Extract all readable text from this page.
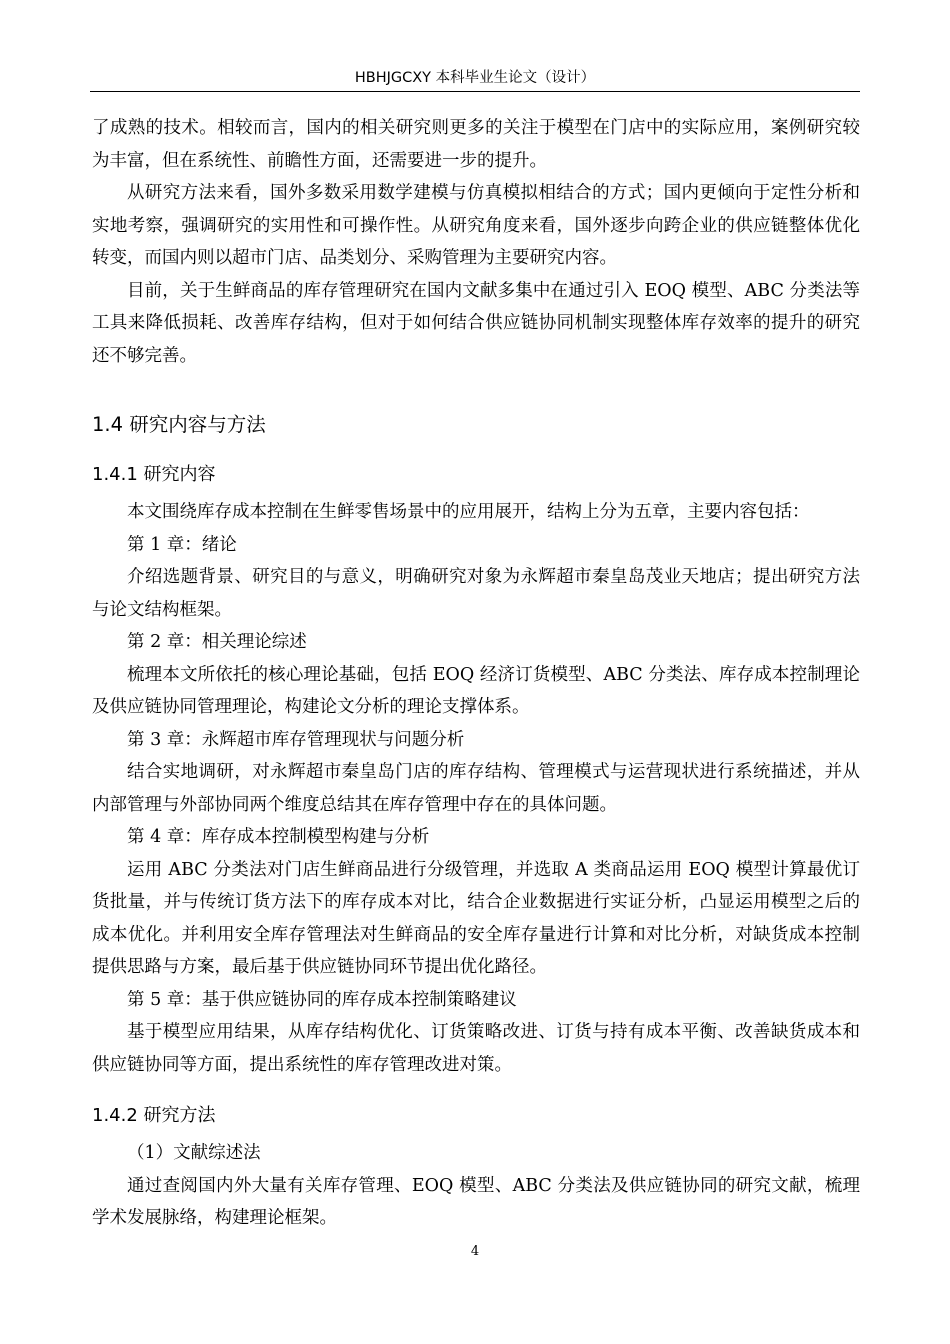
HBHJGCXY 本科毕业生论文（设计）

了成熟的技术。相较而言，国内的相关研究则更多的关注于模型在门店中的实际应用，案例研究较为丰富，但在系统性、前瞻性方面，还需要进一步的提升。

从研究方法来看，国外多数采用数学建模与仿真模拟相结合的方式；国内更倾向于定性分析和实地考察，强调研究的实用性和可操作性。从研究角度来看，国外逐步向跨企业的供应链整体优化转变，而国内则以超市门店、品类划分、采购管理为主要研究内容。

目前，关于生鲜商品的库存管理研究在国内文献多集中在通过引入 EOQ 模型、ABC 分类法等工具来降低损耗、改善库存结构，但对于如何结合供应链协同机制实现整体库存效率的提升的研究还不够完善。

1.4 研究内容与方法
1.4.1 研究内容

本文围绕库存成本控制在生鲜零售场景中的应用展开，结构上分为五章，主要内容包括：

第 1 章：绪论

介绍选题背景、研究目的与意义，明确研究对象为永辉超市秦皇岛茂业天地店；提出研究方法与论文结构框架。

第 2 章：相关理论综述

梳理本文所依托的核心理论基础，包括 EOQ 经济订货模型、ABC 分类法、库存成本控制理论及供应链协同管理理论，构建论文分析的理论支撑体系。

第 3 章：永辉超市库存管理现状与问题分析

结合实地调研，对永辉超市秦皇岛门店的库存结构、管理模式与运营现状进行系统描述，并从内部管理与外部协同两个维度总结其在库存管理中存在的具体问题。

第 4 章：库存成本控制模型构建与分析

运用 ABC 分类法对门店生鲜商品进行分级管理，并选取 A 类商品运用 EOQ 模型计算最优订货批量，并与传统订货方法下的库存成本对比，结合企业数据进行实证分析，凸显运用模型之后的成本优化。并利用安全库存管理法对生鲜商品的安全库存量进行计算和对比分析，对缺货成本控制提供思路与方案，最后基于供应链协同环节提出优化路径。

第 5 章：基于供应链协同的库存成本控制策略建议

基于模型应用结果，从库存结构优化、订货策略改进、订货与持有成本平衡、改善缺货成本和供应链协同等方面，提出系统性的库存管理改进对策。

1.4.2 研究方法

（1）文献综述法

通过查阅国内外大量有关库存管理、EOQ 模型、ABC 分类法及供应链协同的研究文献，梳理学术发展脉络，构建理论框架。

4
